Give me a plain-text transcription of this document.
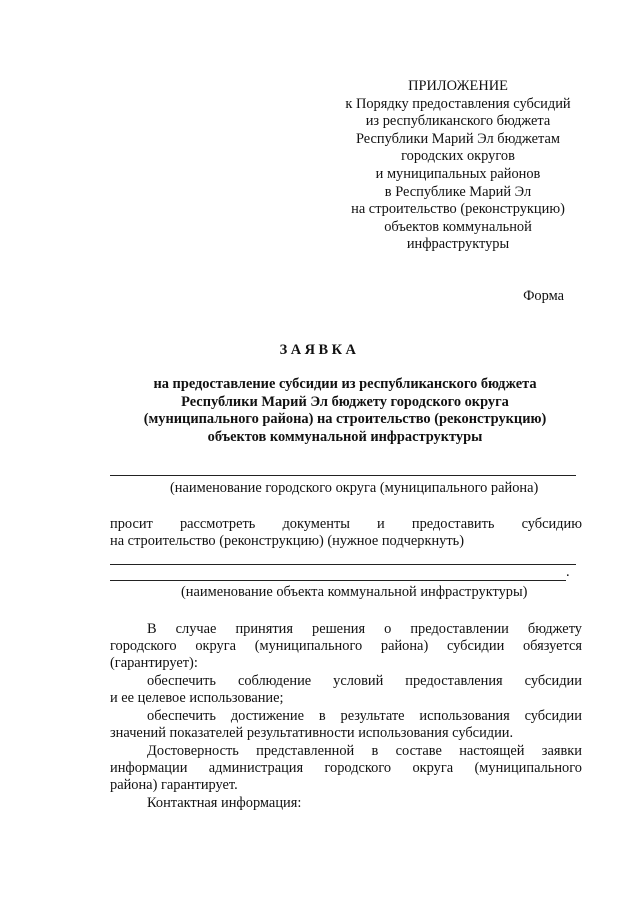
ПРИЛОЖЕНИЕ
к Порядку предоставления субсидий
из республиканского бюджета
Республики Марий Эл бюджетам
городских округов
и муниципальных районов
в Республике Марий Эл
на строительство (реконструкцию)
объектов коммунальной
инфраструктуры
Форма
ЗАЯВКА
на предоставление субсидии из республиканского бюджета
Республики Марий Эл бюджету городского округа
(муниципального района) на строительство (реконструкцию)
объектов коммунальной инфраструктуры
(наименование городского округа (муниципального района)
просит рассмотреть документы и предоставить субсидию
на строительство (реконструкцию) (нужное подчеркнуть)
.
(наименование объекта коммунальной инфраструктуры)
В случае принятия решения о предоставлении бюджету
городского округа (муниципального района) субсидии обязуется
(гарантирует):
обеспечить соблюдение условий предоставления субсидии
и ее целевое использование;
обеспечить достижение в результате использования субсидии
значений показателей результативности использования субсидии.
Достоверность представленной в составе настоящей заявки
информации администрация городского округа (муниципального
района) гарантирует.
Контактная информация:
